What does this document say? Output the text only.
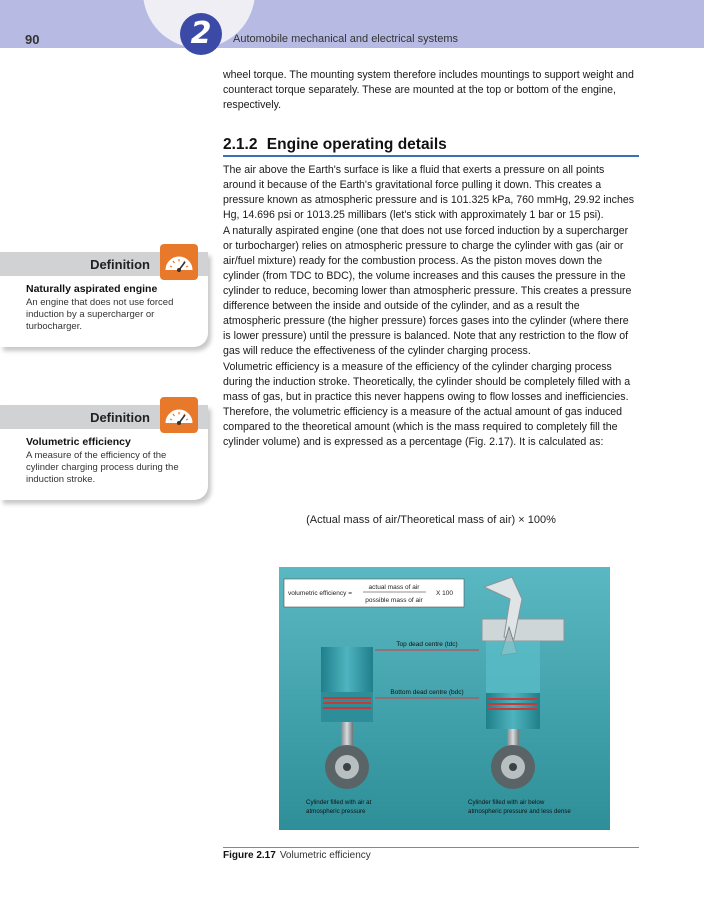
2
90	Automobile mechanical and electrical systems

wheel torque. The mounting system therefore includes mountings to support weight and counteract torque separately. These are mounted at the top or bottom of the engine, respectively.

2.1.2 Engine operating details

The air above the Earth's surface is like a fluid that exerts a pressure on all points around it because of the Earth's gravitational force pulling it down. This creates a pressure known as atmospheric pressure and is 101.325 kPa, 760 mmHg, 29.92 inches Hg, 14.696 psi or 1013.25 millibars (let's stick with approximately 1 bar or 15 psi).

A naturally aspirated engine (one that does not use forced induction by a supercharger or turbocharger) relies on atmospheric pressure to charge the cylinder with gas (air or air/fuel mixture) ready for the combustion process. As the piston moves down the cylinder (from TDC to BDC), the volume increases and this causes the pressure in the cylinder to reduce, becoming lower than atmospheric pressure. This creates a pressure difference between the inside and outside of the cylinder, and as a result the atmospheric pressure (the higher pressure) forces gases into the cylinder (where there is lower pressure) until the pressure is balanced. Note that any restriction to the flow of gas will reduce the effectiveness of the cylinder charging process.

Volumetric efficiency is a measure of the efficiency of the cylinder charging process during the induction stroke. Theoretically, the cylinder should be completely filled with a mass of gas, but in practice this never happens owing to flow losses and inefficiencies. Therefore, the volumetric efficiency is a measure of the actual amount of gas induced compared to the theoretical amount (which is the mass required to completely fill the cylinder volume) and is expressed as a percentage (Fig. 2.17). It is calculated as:

(Actual mass of air/Theoretical mass of air) × 100%
Definition
Naturally aspirated engine
An engine that does not use forced induction by a supercharger or turbocharger.
Definition
Volumetric efficiency
A measure of the efficiency of the cylinder charging process during the induction stroke.
volumetric efficiency =
actual mass of air
possible mass of air
X 100
Top dead centre (tdc)
Bottom dead centre (bdc)
Cylinder filled with air at
atmospheric pressure
Cylinder filled with air below
atmospheric pressure and less dense
Figure 2.17 Volumetric efficiency
